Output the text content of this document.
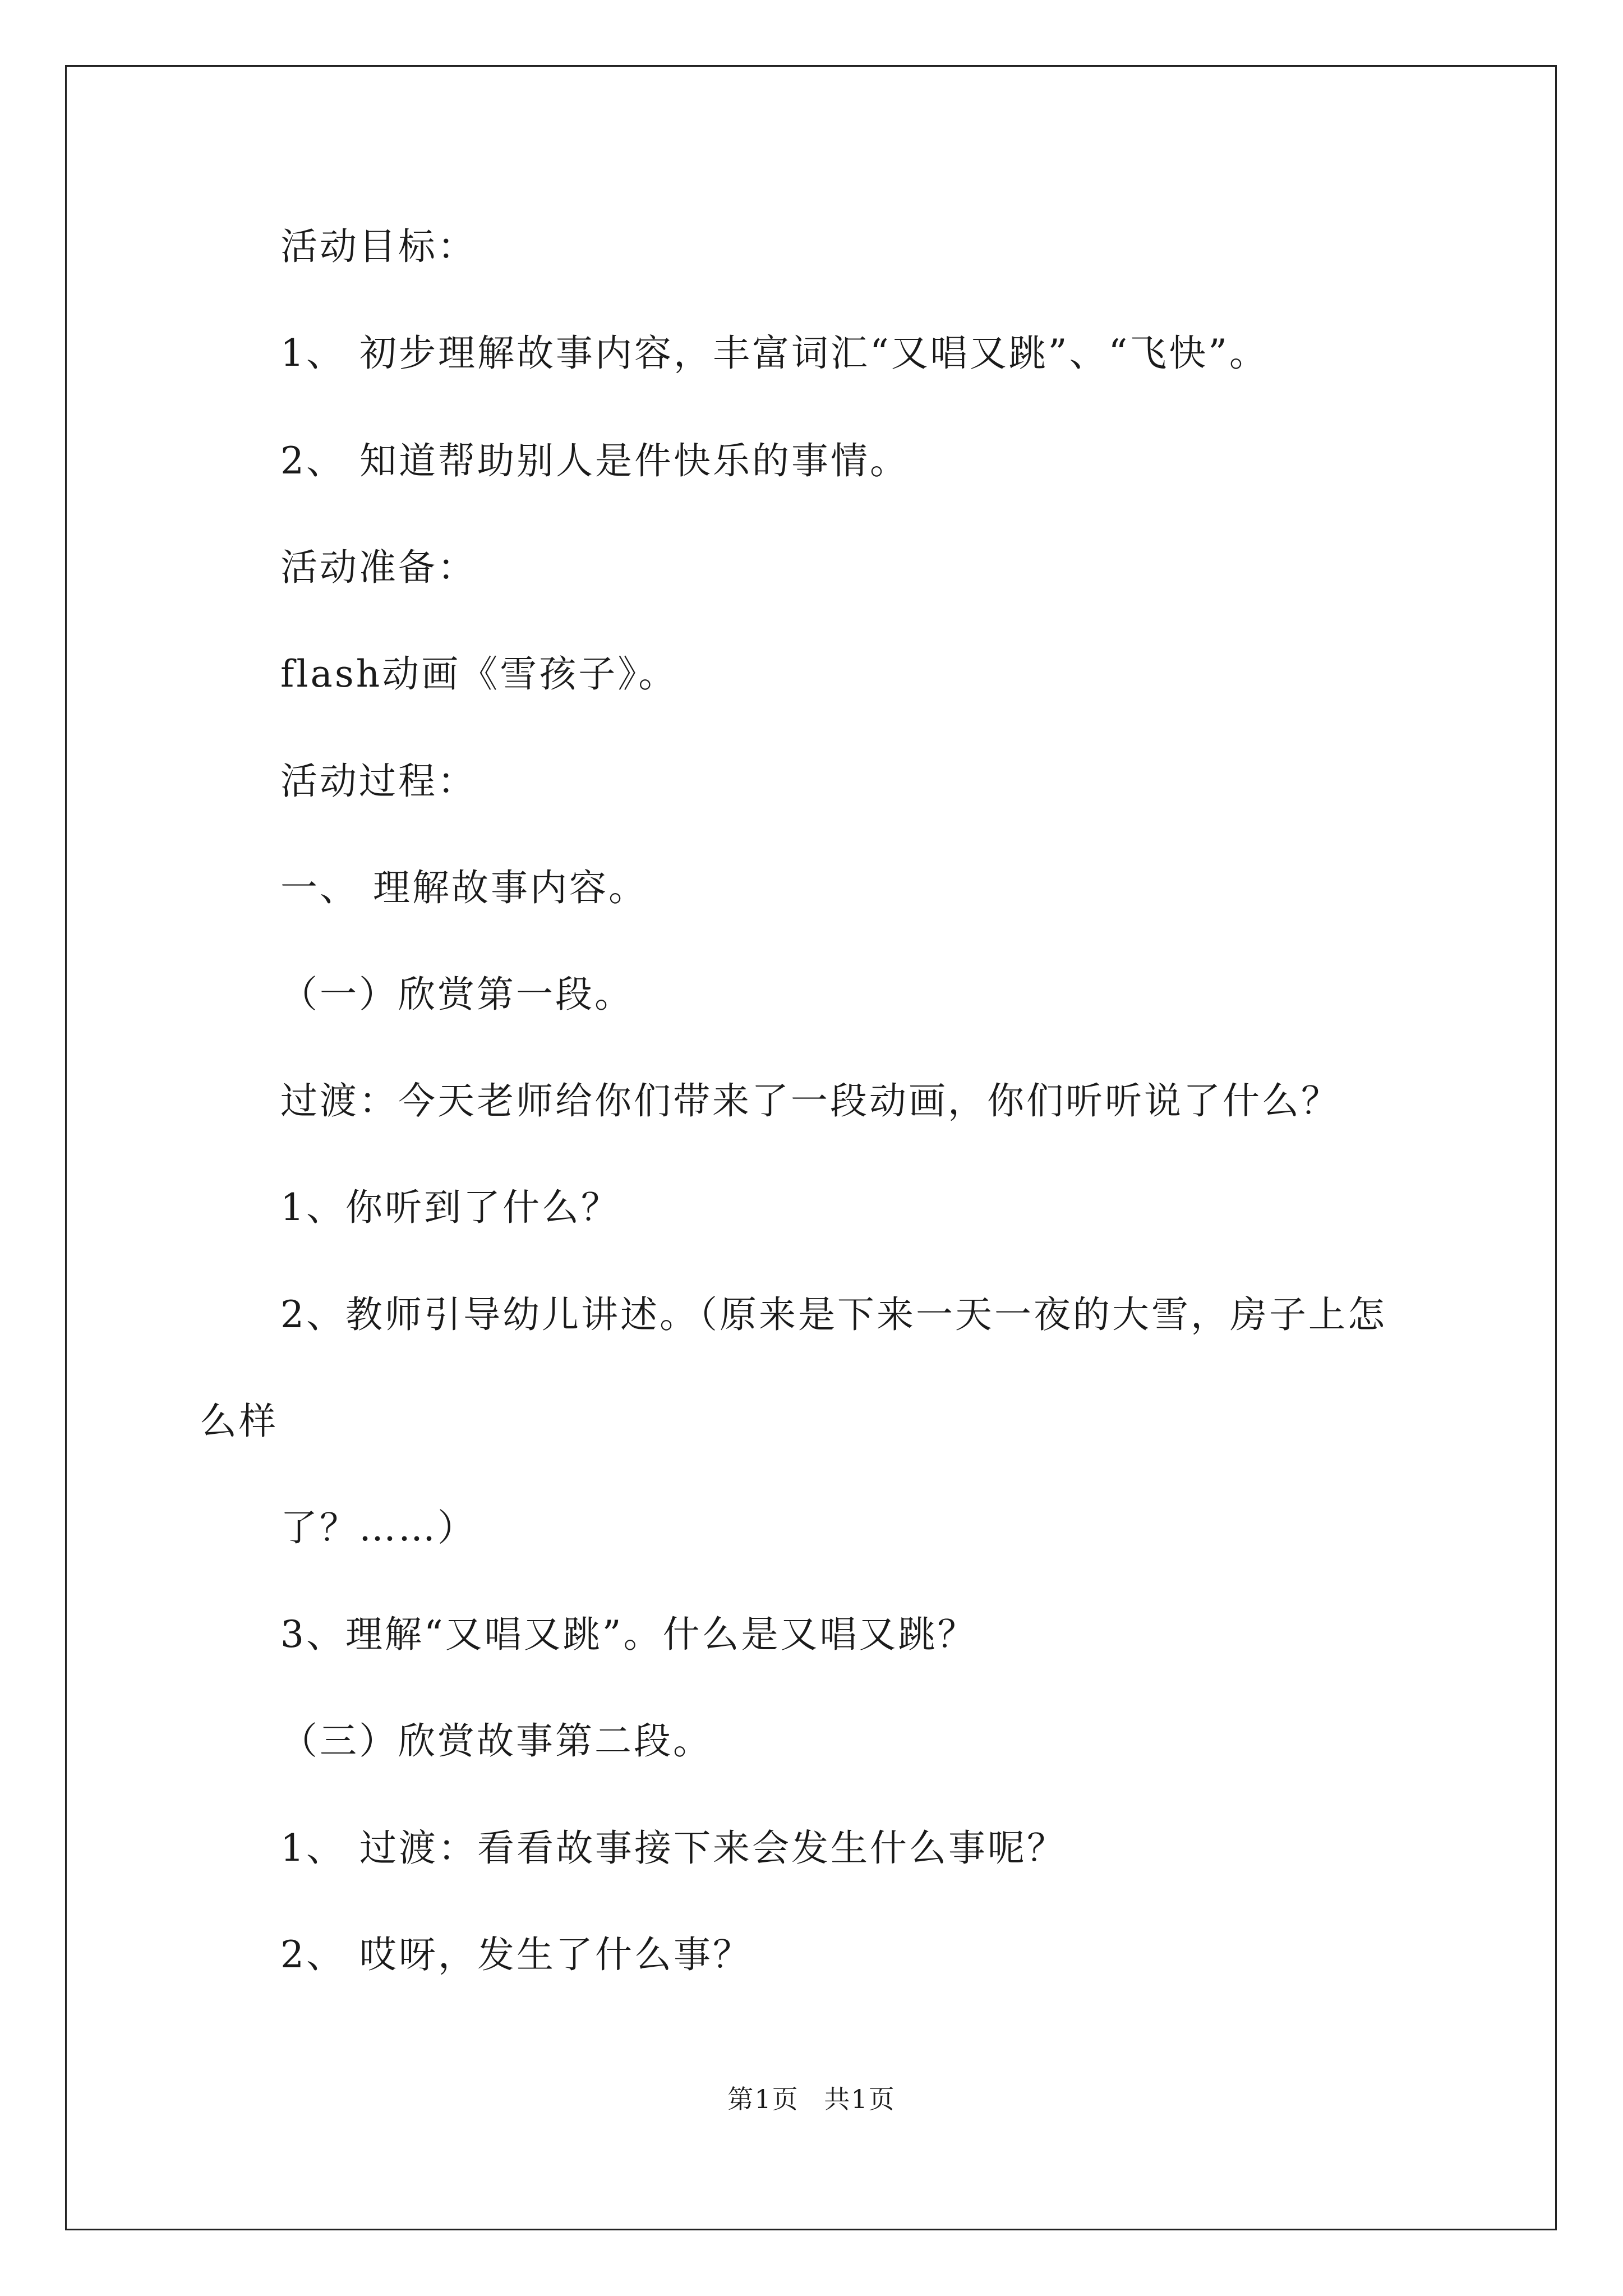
活动目标：
1、 初步理解故事内容，丰富词汇“又唱又跳”、“飞快”。
2、 知道帮助别人是件快乐的事情。
活动准备：
flash动画《雪孩子》。
活动过程：
一、 理解故事内容。
（一）欣赏第一段。
过渡：今天老师给你们带来了一段动画，你们听听说了什么？
1、你听到了什么？
2、教师引导幼儿讲述。（原来是下来一天一夜的大雪，房子上怎
么样
了？……）
3、理解“又唱又跳”。什么是又唱又跳？
（三）欣赏故事第二段。
1、 过渡：看看故事接下来会发生什么事呢？
2、 哎呀，发生了什么事？
第1页 共1页
